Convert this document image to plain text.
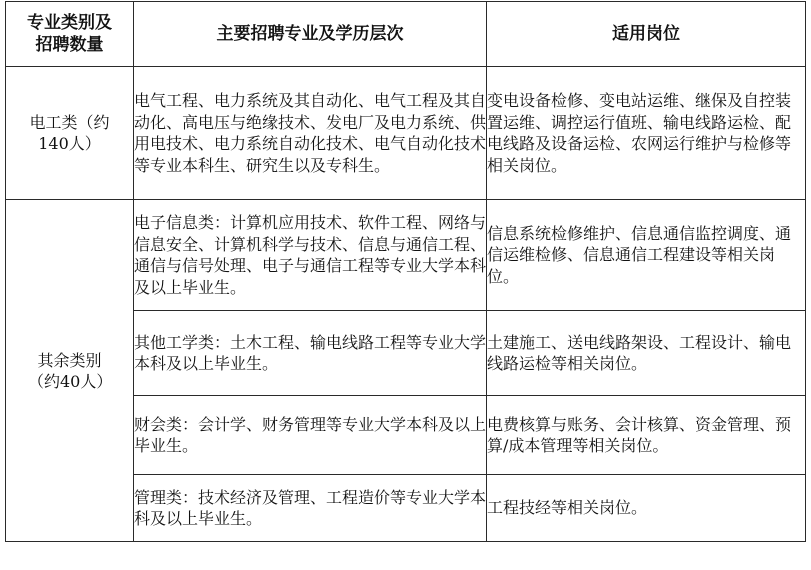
专业类别及招聘数量	主要招聘专业及学历层次	适用岗位
电工类（约140人）	电气工程、电力系统及其自动化、电气工程及其自动化、高电压与绝缘技术、发电厂及电力系统、供用电技术、电力系统自动化技术、电气自动化技术等专业本科生、研究生以及专科生。	变电设备检修、变电站运维、继保及自控装置运维、调控运行值班、输电线路运检、配电线路及设备运检、农网运行维护与检修等相关岗位。
其余类别（约40人）	电子信息类：计算机应用技术、软件工程、网络与信息安全、计算机科学与技术、信息与通信工程、通信与信号处理、电子与通信工程等专业大学本科及以上毕业生。	信息系统检修维护、信息通信监控调度、通信运维检修、信息通信工程建设等相关岗位。
	其他工学类：土木工程、输电线路工程等专业大学本科及以上毕业生。	土建施工、送电线路架设、工程设计、输电线路运检等相关岗位。
	财会类：会计学、财务管理等专业大学本科及以上毕业生。	电费核算与账务、会计核算、资金管理、预算/成本管理等相关岗位。
	管理类：技术经济及管理、工程造价等专业大学本科及以上毕业生。	工程技经等相关岗位。
